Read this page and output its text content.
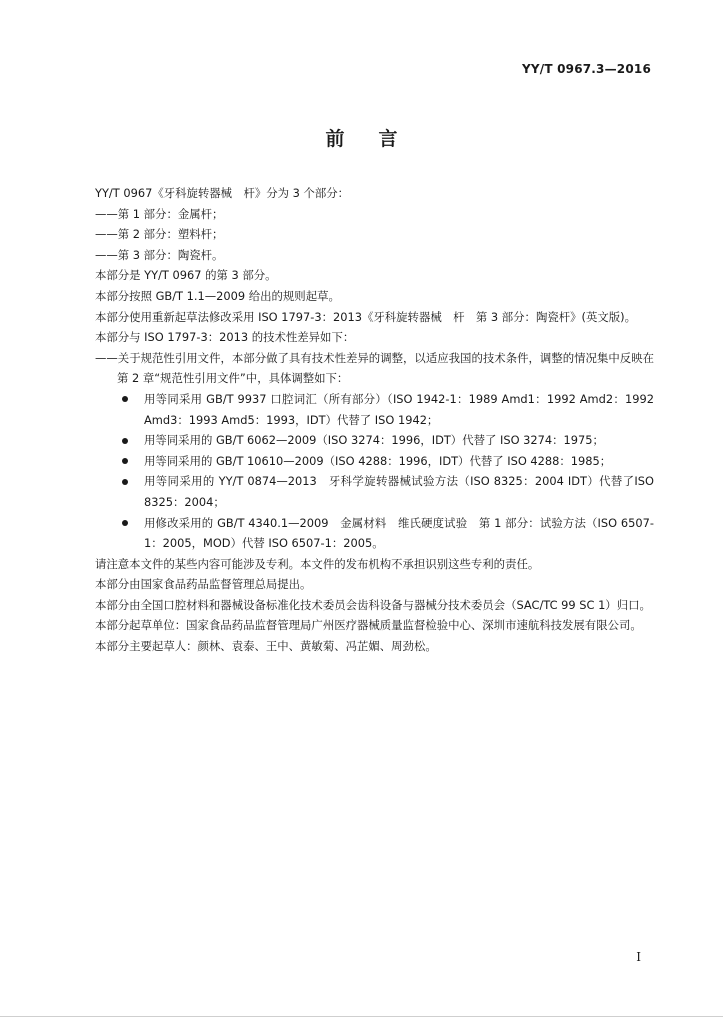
YY/T 0967.3—2016
前言

YY/T 0967《牙科旋转器械　杆》分为 3 个部分：

——第 1 部分：金属杆；

——第 2 部分：塑料杆；

——第 3 部分：陶瓷杆。

本部分是 YY/T 0967 的第 3 部分。

本部分按照 GB/T 1.1—2009 给出的规则起草。

本部分使用重新起草法修改采用 ISO 1797-3：2013《牙科旋转器械　杆　第 3 部分：陶瓷杆》(英文版)。

本部分与 ISO 1797-3：2013 的技术性差异如下：

——关于规范性引用文件，本部分做了具有技术性差异的调整，以适应我国的技术条件，调整的情况集中反映在第 2 章“规范性引用文件”中，具体调整如下：

用等同采用 GB/T 9937 口腔词汇（所有部分）（ISO 1942-1：1989 Amd1：1992 Amd2：1992 Amd3：1993 Amd5：1993，IDT）代替了 ISO 1942；

用等同采用的 GB/T 6062—2009（ISO 3274：1996，IDT）代替了 ISO 3274：1975；

用等同采用的 GB/T 10610—2009（ISO 4288：1996，IDT）代替了 ISO 4288：1985；

用等同采用的 YY/T 0874—2013　牙科学旋转器械试验方法（ISO 8325：2004 IDT）代替了ISO 8325：2004；

用修改采用的 GB/T 4340.1—2009　金属材料　维氏硬度试验　第 1 部分：试验方法（ISO 6507-1：2005，MOD）代替 ISO 6507-1：2005。

请注意本文件的某些内容可能涉及专利。本文件的发布机构不承担识别这些专利的责任。

本部分由国家食品药品监督管理总局提出。

本部分由全国口腔材料和器械设备标准化技术委员会齿科设备与器械分技术委员会（SAC/TC 99 SC 1）归口。

本部分起草单位：国家食品药品监督管理局广州医疗器械质量监督检验中心、深圳市速航科技发展有限公司。

本部分主要起草人：颜林、袁泰、王中、黄敏菊、冯芷媚、周劲松。

I
